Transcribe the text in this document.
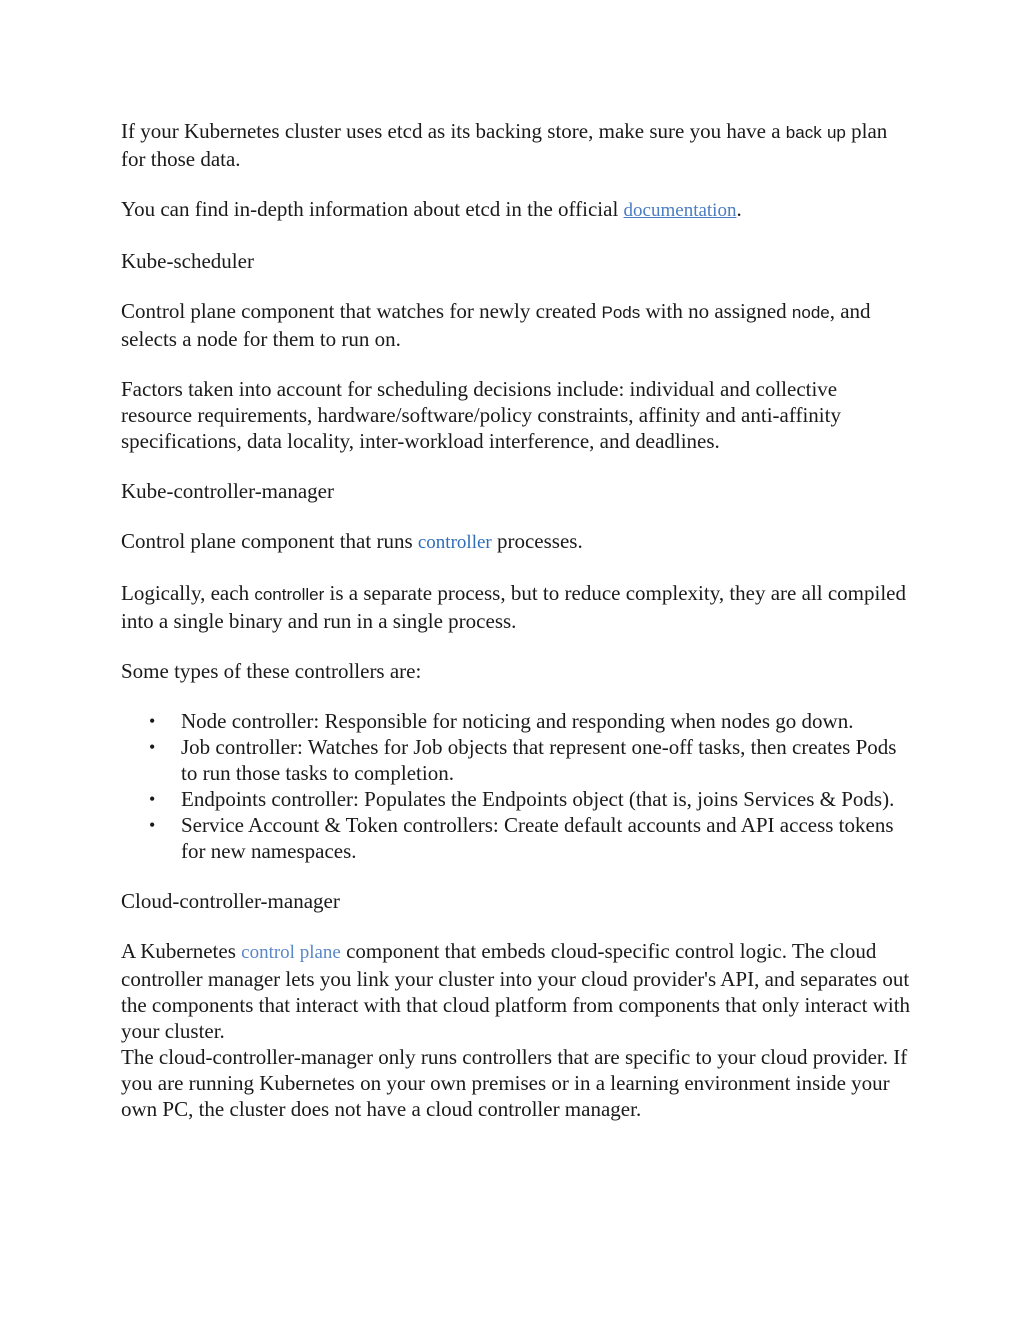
If your Kubernetes cluster uses etcd as its backing store, make sure you have a back up plan for those data.

You can find in-depth information about etcd in the official documentation.

Kube-scheduler

Control plane component that watches for newly created Pods with no assigned node, and selects a node for them to run on.

Factors taken into account for scheduling decisions include: individual and collective resource requirements, hardware/software/policy constraints, affinity and anti-affinity specifications, data locality, inter-workload interference, and deadlines.

Kube-controller-manager

Control plane component that runs controller processes.

Logically, each controller is a separate process, but to reduce complexity, they are all compiled into a single binary and run in a single process.

Some types of these controllers are:

• Node controller: Responsible for noticing and responding when nodes go down.
• Job controller: Watches for Job objects that represent one-off tasks, then creates Pods to run those tasks to completion.
• Endpoints controller: Populates the Endpoints object (that is, joins Services & Pods).
• Service Account & Token controllers: Create default accounts and API access tokens for new namespaces.

Cloud-controller-manager

A Kubernetes control plane component that embeds cloud-specific control logic. The cloud controller manager lets you link your cluster into your cloud provider's API, and separates out the components that interact with that cloud platform from components that only interact with your cluster.

The cloud-controller-manager only runs controllers that are specific to your cloud provider. If you are running Kubernetes on your own premises or in a learning environment inside your own PC, the cluster does not have a cloud controller manager.
